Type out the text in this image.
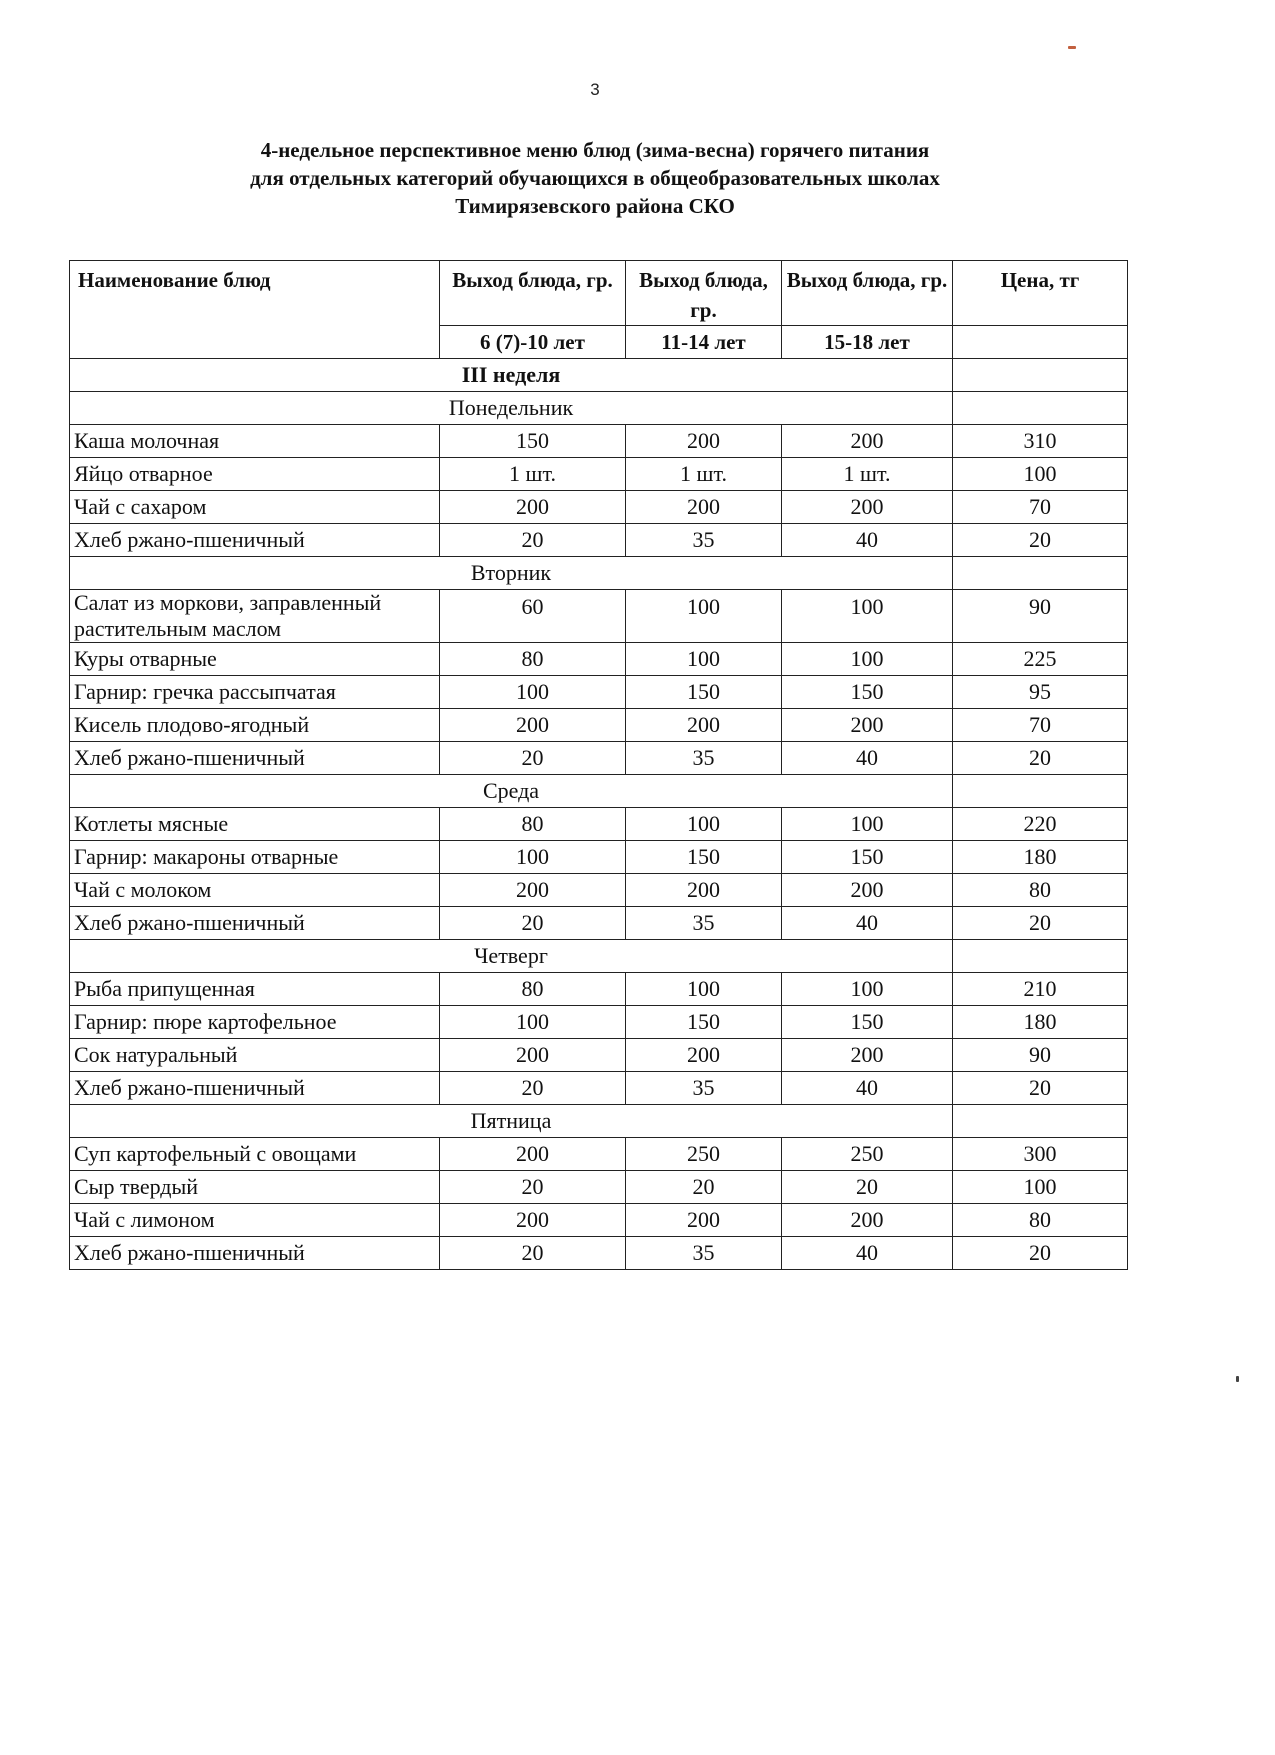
3
4-недельное перспективное меню блюд (зима-весна) горячего питания
для отдельных категорий обучающихся в общеобразовательных школах
Тимирязевского района СКО
Наименование блюд	Выход блюда, гр.	Выход блюда, гр.	Выход блюда, гр.	Цена, тг
	6 (7)-10 лет	11-14 лет	15-18 лет	
III неделя				
Понедельник				
Каша молочная	150	200	200	310
Яйцо отварное	1 шт.	1 шт.	1 шт.	100
Чай с сахаром	200	200	200	70
Хлеб ржано-пшеничный	20	35	40	20
Вторник				
Салат из моркови, заправленный растительным маслом	60	100	100	90
Куры отварные	80	100	100	225
Гарнир: гречка рассыпчатая	100	150	150	95
Кисель плодово-ягодный	200	200	200	70
Хлеб ржано-пшеничный	20	35	40	20
Среда				
Котлеты мясные	80	100	100	220
Гарнир: макароны отварные	100	150	150	180
Чай с молоком	200	200	200	80
Хлеб ржано-пшеничный	20	35	40	20
Четверг				
Рыба припущенная	80	100	100	210
Гарнир: пюре картофельное	100	150	150	180
Сок натуральный	200	200	200	90
Хлеб ржано-пшеничный	20	35	40	20
Пятница				
Суп картофельный с овощами	200	250	250	300
Сыр твердый	20	20	20	100
Чай с лимоном	200	200	200	80
Хлеб ржано-пшеничный	20	35	40	20
